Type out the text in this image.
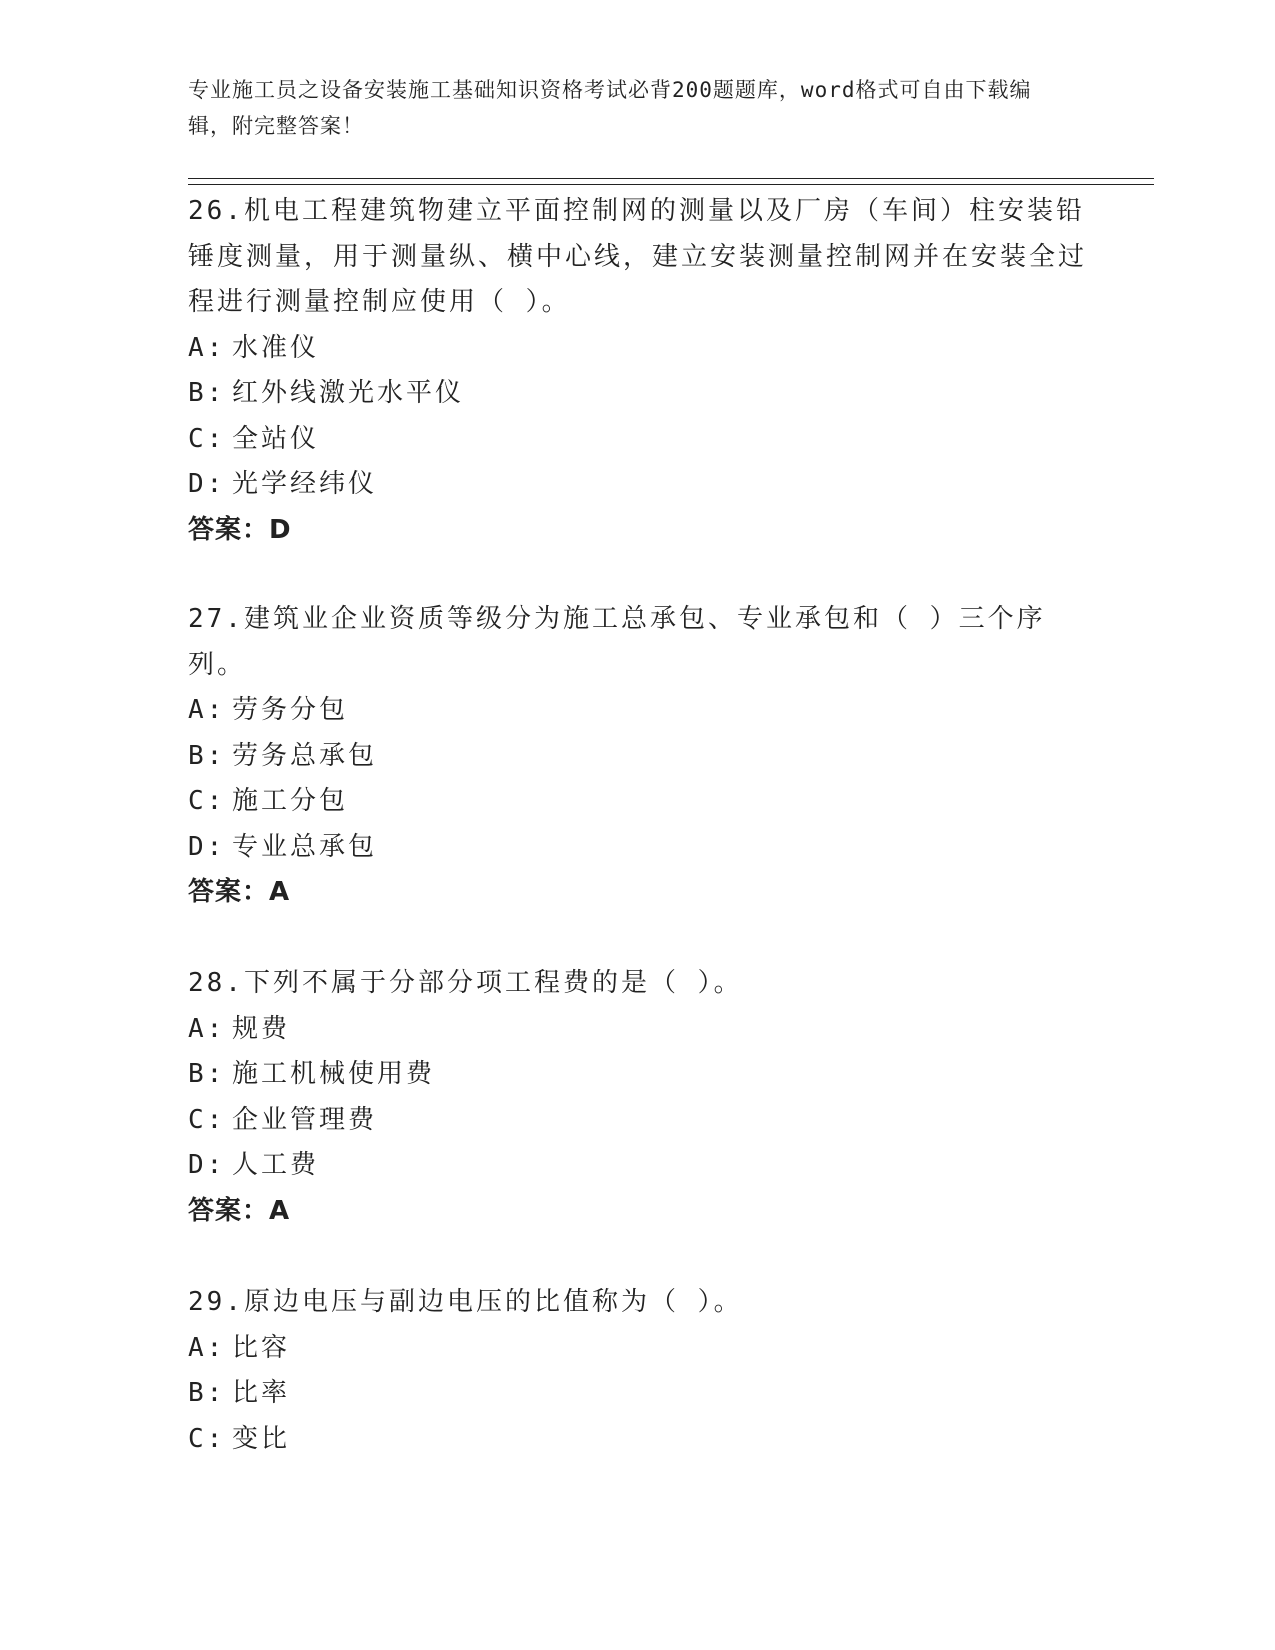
专业施工员之设备安装施工基础知识资格考试必背200题题库，word格式可自由下载编辑，附完整答案！

26.机电工程建筑物建立平面控制网的测量以及厂房（车间）柱安装铅锤度测量，用于测量纵、横中心线，建立安装测量控制网并在安装全过程进行测量控制应使用（ ）。

A: 水准仪
B: 红外线激光水平仪
C: 全站仪
D: 光学经纬仪
答案：D

27.建筑业企业资质等级分为施工总承包、专业承包和（ ）三个序列。

A: 劳务分包
B: 劳务总承包
C: 施工分包
D: 专业总承包
答案：A

28.下列不属于分部分项工程费的是（ ）。

A: 规费
B: 施工机械使用费
C: 企业管理费
D: 人工费
答案：A

29.原边电压与副边电压的比值称为（ ）。

A: 比容
B: 比率
C: 变比
